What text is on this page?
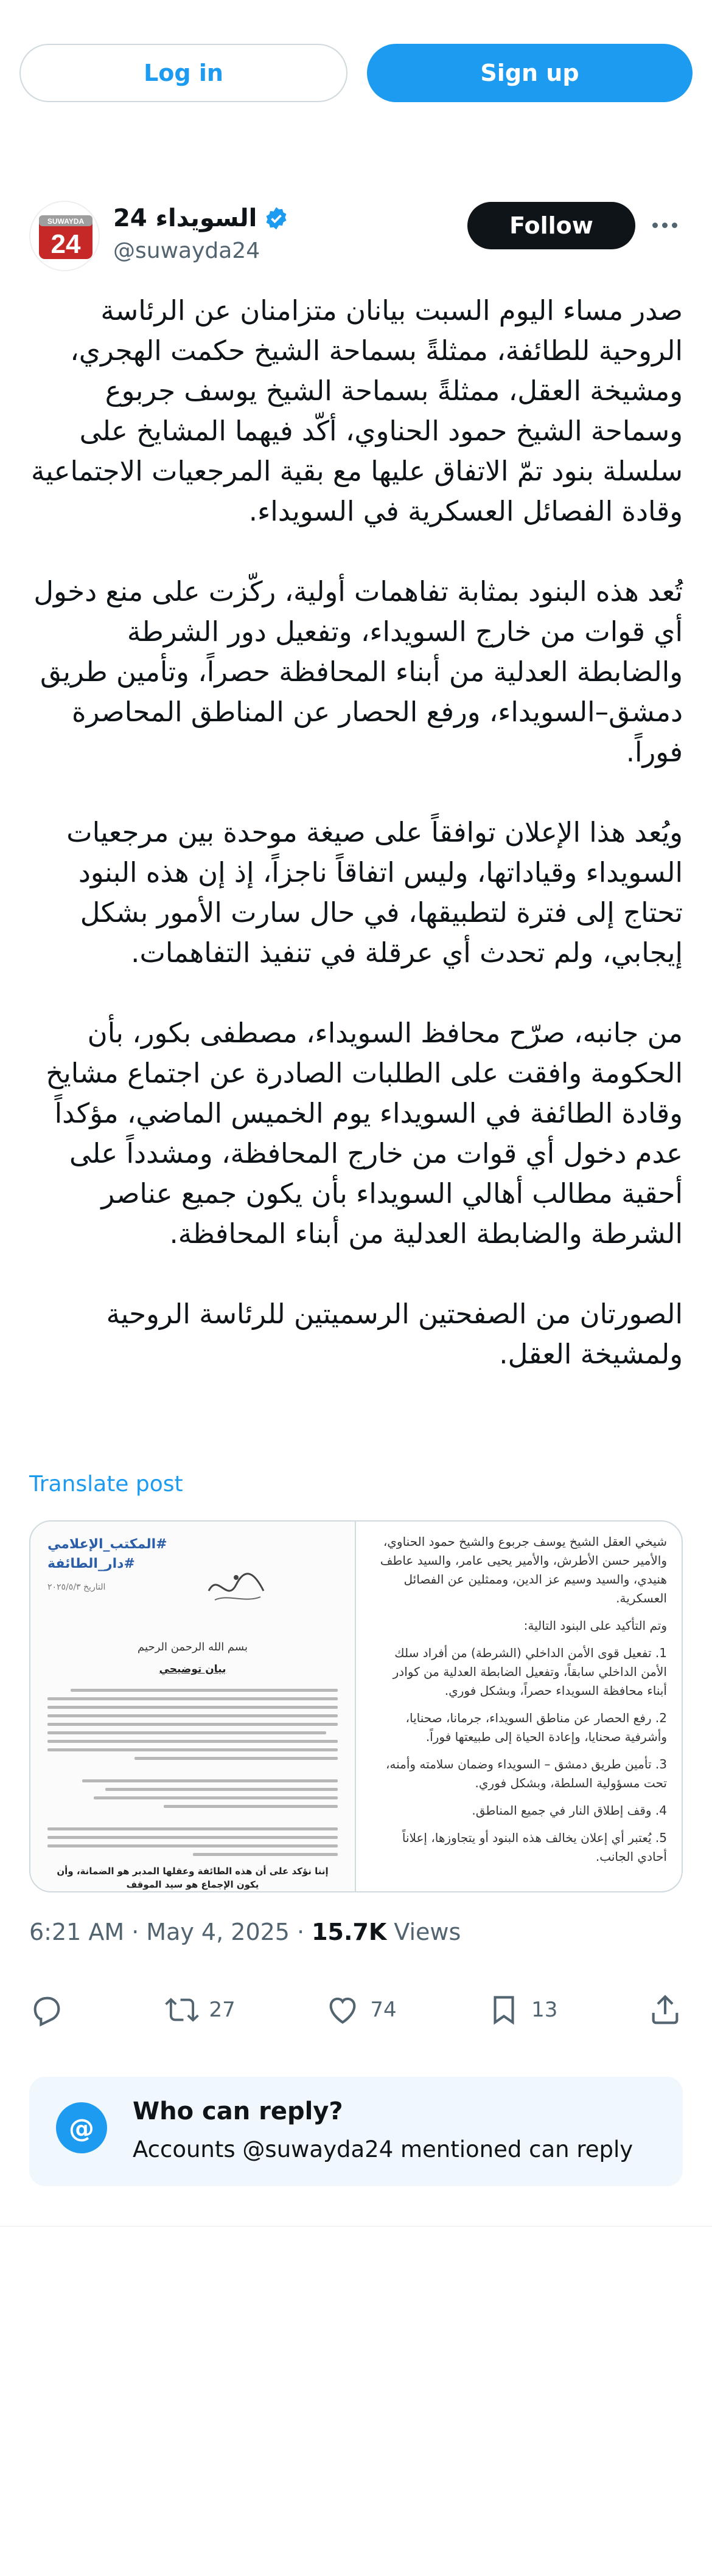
Log in	Sign up
SUWAYDA
24
السويداء 24
@suwayda24
Follow

صدر مساء اليوم السبت بيانان متزامنان عن الرئاسة الروحية للطائفة، ممثلةً بسماحة الشيخ حكمت الهجري، ومشيخة العقل، ممثلةً بسماحة الشيخ يوسف جربوع وسماحة الشيخ حمود الحناوي، أكّد فيهما المشايخ على سلسلة بنود تمّ الاتفاق عليها مع بقية المرجعيات الاجتماعية وقادة الفصائل العسكرية في السويداء.

تُعد هذه البنود بمثابة تفاهمات أولية، ركّزت على منع دخول أي قوات من خارج السويداء، وتفعيل دور الشرطة والضابطة العدلية من أبناء المحافظة حصراً، وتأمين طريق دمشق–السويداء، ورفع الحصار عن المناطق المحاصرة فوراً.

ويُعد هذا الإعلان توافقاً على صيغة موحدة بين مرجعيات السويداء وقياداتها، وليس اتفاقاً ناجزاً، إذ إن هذه البنود تحتاج إلى فترة لتطبيقها، في حال سارت الأمور بشكل إيجابي، ولم تحدث أي عرقلة في تنفيذ التفاهمات.

من جانبه، صرّح محافظ السويداء، مصطفى بكور، بأن الحكومة وافقت على الطلبات الصادرة عن اجتماع مشايخ وقادة الطائفة في السويداء يوم الخميس الماضي، مؤكداً عدم دخول أي قوات من خارج المحافظة، ومشدداً على أحقية مطالب أهالي السويداء بأن يكون جميع عناصر الشرطة والضابطة العدلية من أبناء المحافظة.

الصورتان من الصفحتين الرسميتين للرئاسة الروحية ولمشيخة العقل.

Translate post
#المكتب_الإعلامي
#دار_الطائفة
التاريخ ٢٠٢٥/٥/٣
بسم الله الرحمن الرحيم
بيان توضيحي
إننا نؤكد على أن هذه الطائفة وعقلها المدبر هو الضمانة، وأن يكون الإجماع هو سيد الموقف

شيخي العقل الشيخ يوسف جربوع والشيخ حمود الحناوي، والأمير حسن الأطرش، والأمير يحيى عامر، والسيد عاطف هنيدي، والسيد وسيم عز الدين، وممثلين عن الفصائل العسكرية.

وتم التأكيد على البنود التالية:

1. تفعيل قوى الأمن الداخلي (الشرطة) من أفراد سلك الأمن الداخلي سابقاً، وتفعيل الضابطة العدلية من كوادر أبناء محافظة السويداء حصراً، وبشكل فوري.
2. رفع الحصار عن مناطق السويداء، جرمانا، صحنايا، وأشرفية صحنايا، وإعادة الحياة إلى طبيعتها فوراً.
3. تأمين طريق دمشق – السويداء وضمان سلامته وأمنه، تحت مسؤولية السلطة، وبشكل فوري.
4. وقف إطلاق النار في جميع المناطق.
5. يُعتبر أي إعلان يخالف هذه البنود أو يتجاوزها، إعلاناً أحادي الجانب.
6:21 AM · May 4, 2025 · 15.7K Views
27	74	13
@
Who can reply?
Accounts @suwayda24 mentioned can reply
